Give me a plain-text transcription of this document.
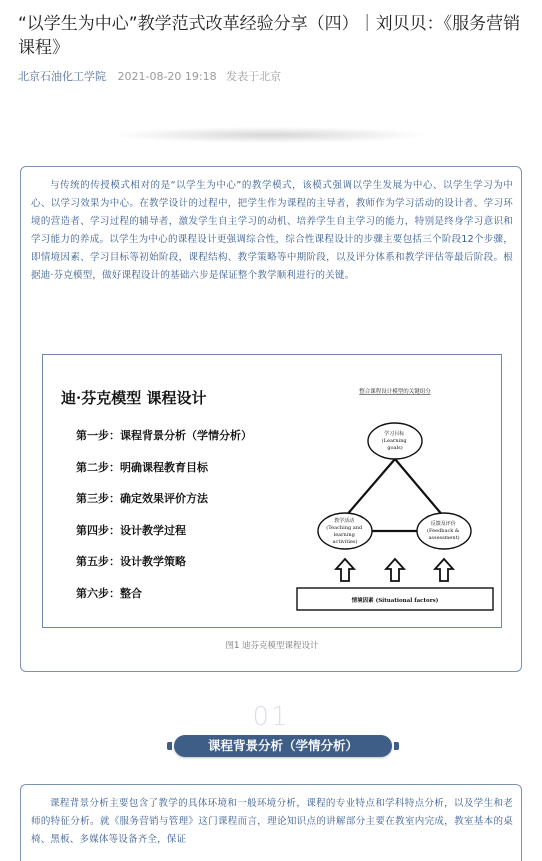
“以学生为中心”教学范式改革经验分享（四）｜刘贝贝：《服务营销课程》
北京石油化工学院 2021-08-20 19:18 发表于北京

与传统的传授模式相对的是“以学生为中心”的教学模式，该模式强调以学生发展为中心、以学生学习为中心、以学习效果为中心。在教学设计的过程中，把学生作为课程的主导者，教师作为学习活动的设计者、学习环境的营造者、学习过程的辅导者，激发学生自主学习的动机、培养学生自主学习的能力，特别是终身学习意识和学习能力的养成。以学生为中心的课程设计更强调综合性，综合性课程设计的步骤主要包括三个阶段12个步骤，即情境因素、学习目标等初始阶段，课程结构、教学策略等中期阶段，以及评分体系和教学评估等最后阶段。根据迪·芬克模型，做好课程设计的基础六步是保证整个教学顺利进行的关键。

迪·芬克模型 课程设计
第一步：课程背景分析（学情分析）
第二步：明确课程教育目标
第三步：确定效果评价方法
第四步：设计教学过程
第五步：设计教学策略
第六步：整合
整合课程设计模型的关键组分
学习目标 (Learning goals)
教学活动 (Teaching and learning activities)
反馈及评价 (Feedback & assessment)
情境因素 (Situational factors)
图1 迪芬克模型课程设计
01
课程背景分析（学情分析）

课程背景分析主要包含了教学的具体环境和一般环境分析，课程的专业特点和学科特点分析，以及学生和老师的特征分析。就《服务营销与管理》这门课程而言，理论知识点的讲解部分主要在教室内完成，教室基本的桌椅、黑板、多媒体等设备齐全，保证
